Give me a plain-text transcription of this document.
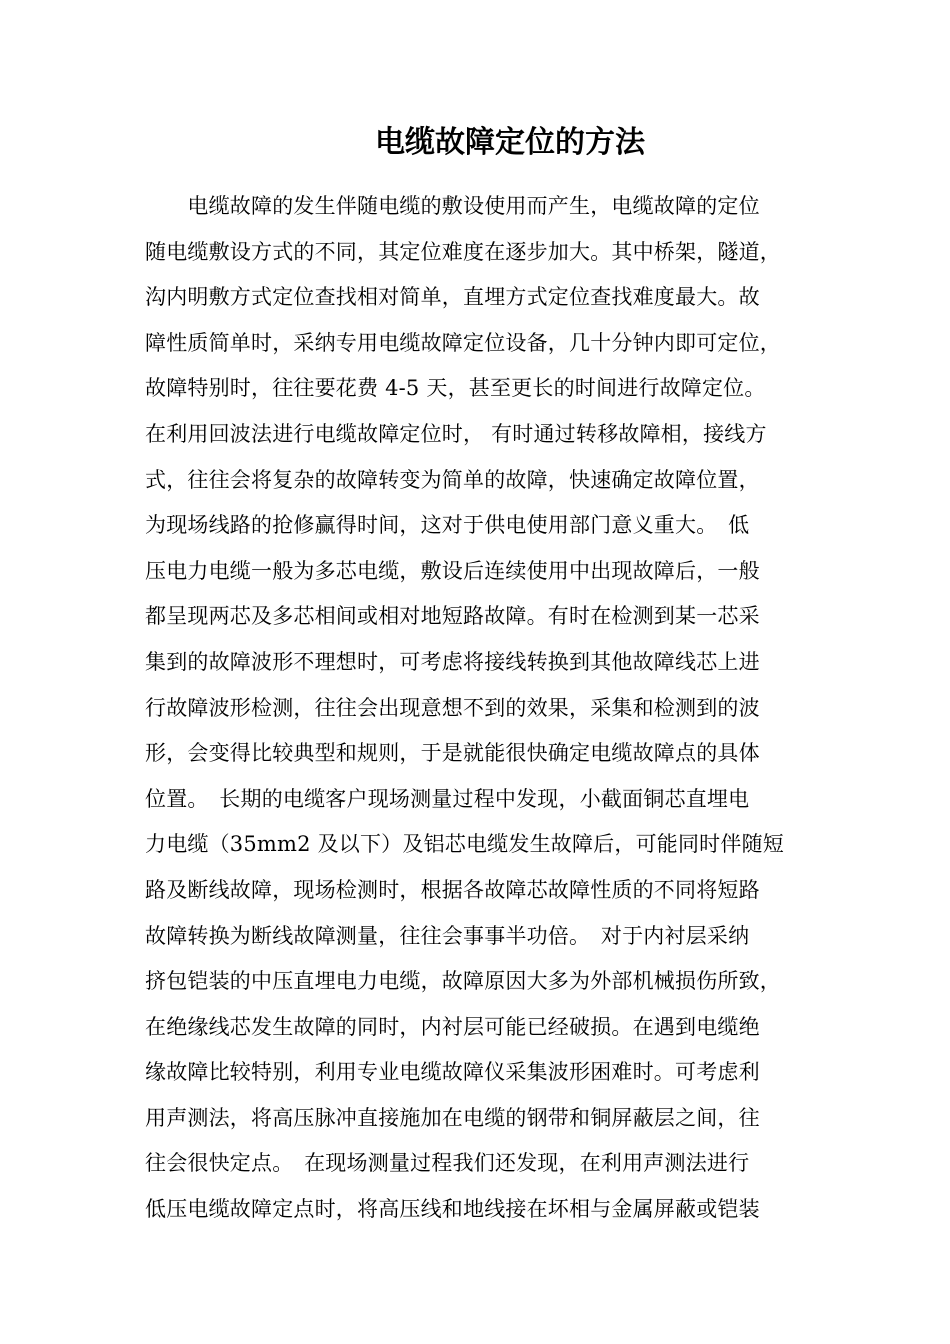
电缆故障定位的方法
　　电缆故障的发生伴随电缆的敷设使用而产生，电缆故障的定位
随电缆敷设方式的不同，其定位难度在逐步加大。其中桥架，隧道，
沟内明敷方式定位查找相对简单，直埋方式定位查找难度最大。故
障性质简单时，采纳专用电缆故障定位设备，几十分钟内即可定位，
故障特别时，往往要花费 4-5 天，甚至更长的时间进行故障定位。
在利用回波法进行电缆故障定位时， 有时通过转移故障相，接线方
式，往往会将复杂的故障转变为简单的故障，快速确定故障位置，
为现场线路的抢修赢得时间，这对于供电使用部门意义重大。　低
压电力电缆一般为多芯电缆，敷设后连续使用中出现故障后，一般
都呈现两芯及多芯相间或相对地短路故障。有时在检测到某一芯采
集到的故障波形不理想时，可考虑将接线转换到其他故障线芯上进
行故障波形检测，往往会出现意想不到的效果，采集和检测到的波
形，会变得比较典型和规则，于是就能很快确定电缆故障点的具体
位置。　长期的电缆客户现场测量过程中发现，小截面铜芯直埋电
力电缆（35mm2 及以下）及铝芯电缆发生故障后，可能同时伴随短
路及断线故障，现场检测时，根据各故障芯故障性质的不同将短路
故障转换为断线故障测量，往往会事事半功倍。　对于内衬层采纳
挤包铠装的中压直埋电力电缆，故障原因大多为外部机械损伤所致，
在绝缘线芯发生故障的同时，内衬层可能已经破损。在遇到电缆绝
缘故障比较特别，利用专业电缆故障仪采集波形困难时。可考虑利
用声测法，将高压脉冲直接施加在电缆的钢带和铜屏蔽层之间，往
往会很快定点。　在现场测量过程我们还发现，在利用声测法进行
低压电缆故障定点时，将高压线和地线接在坏相与金属屏蔽或铠装
